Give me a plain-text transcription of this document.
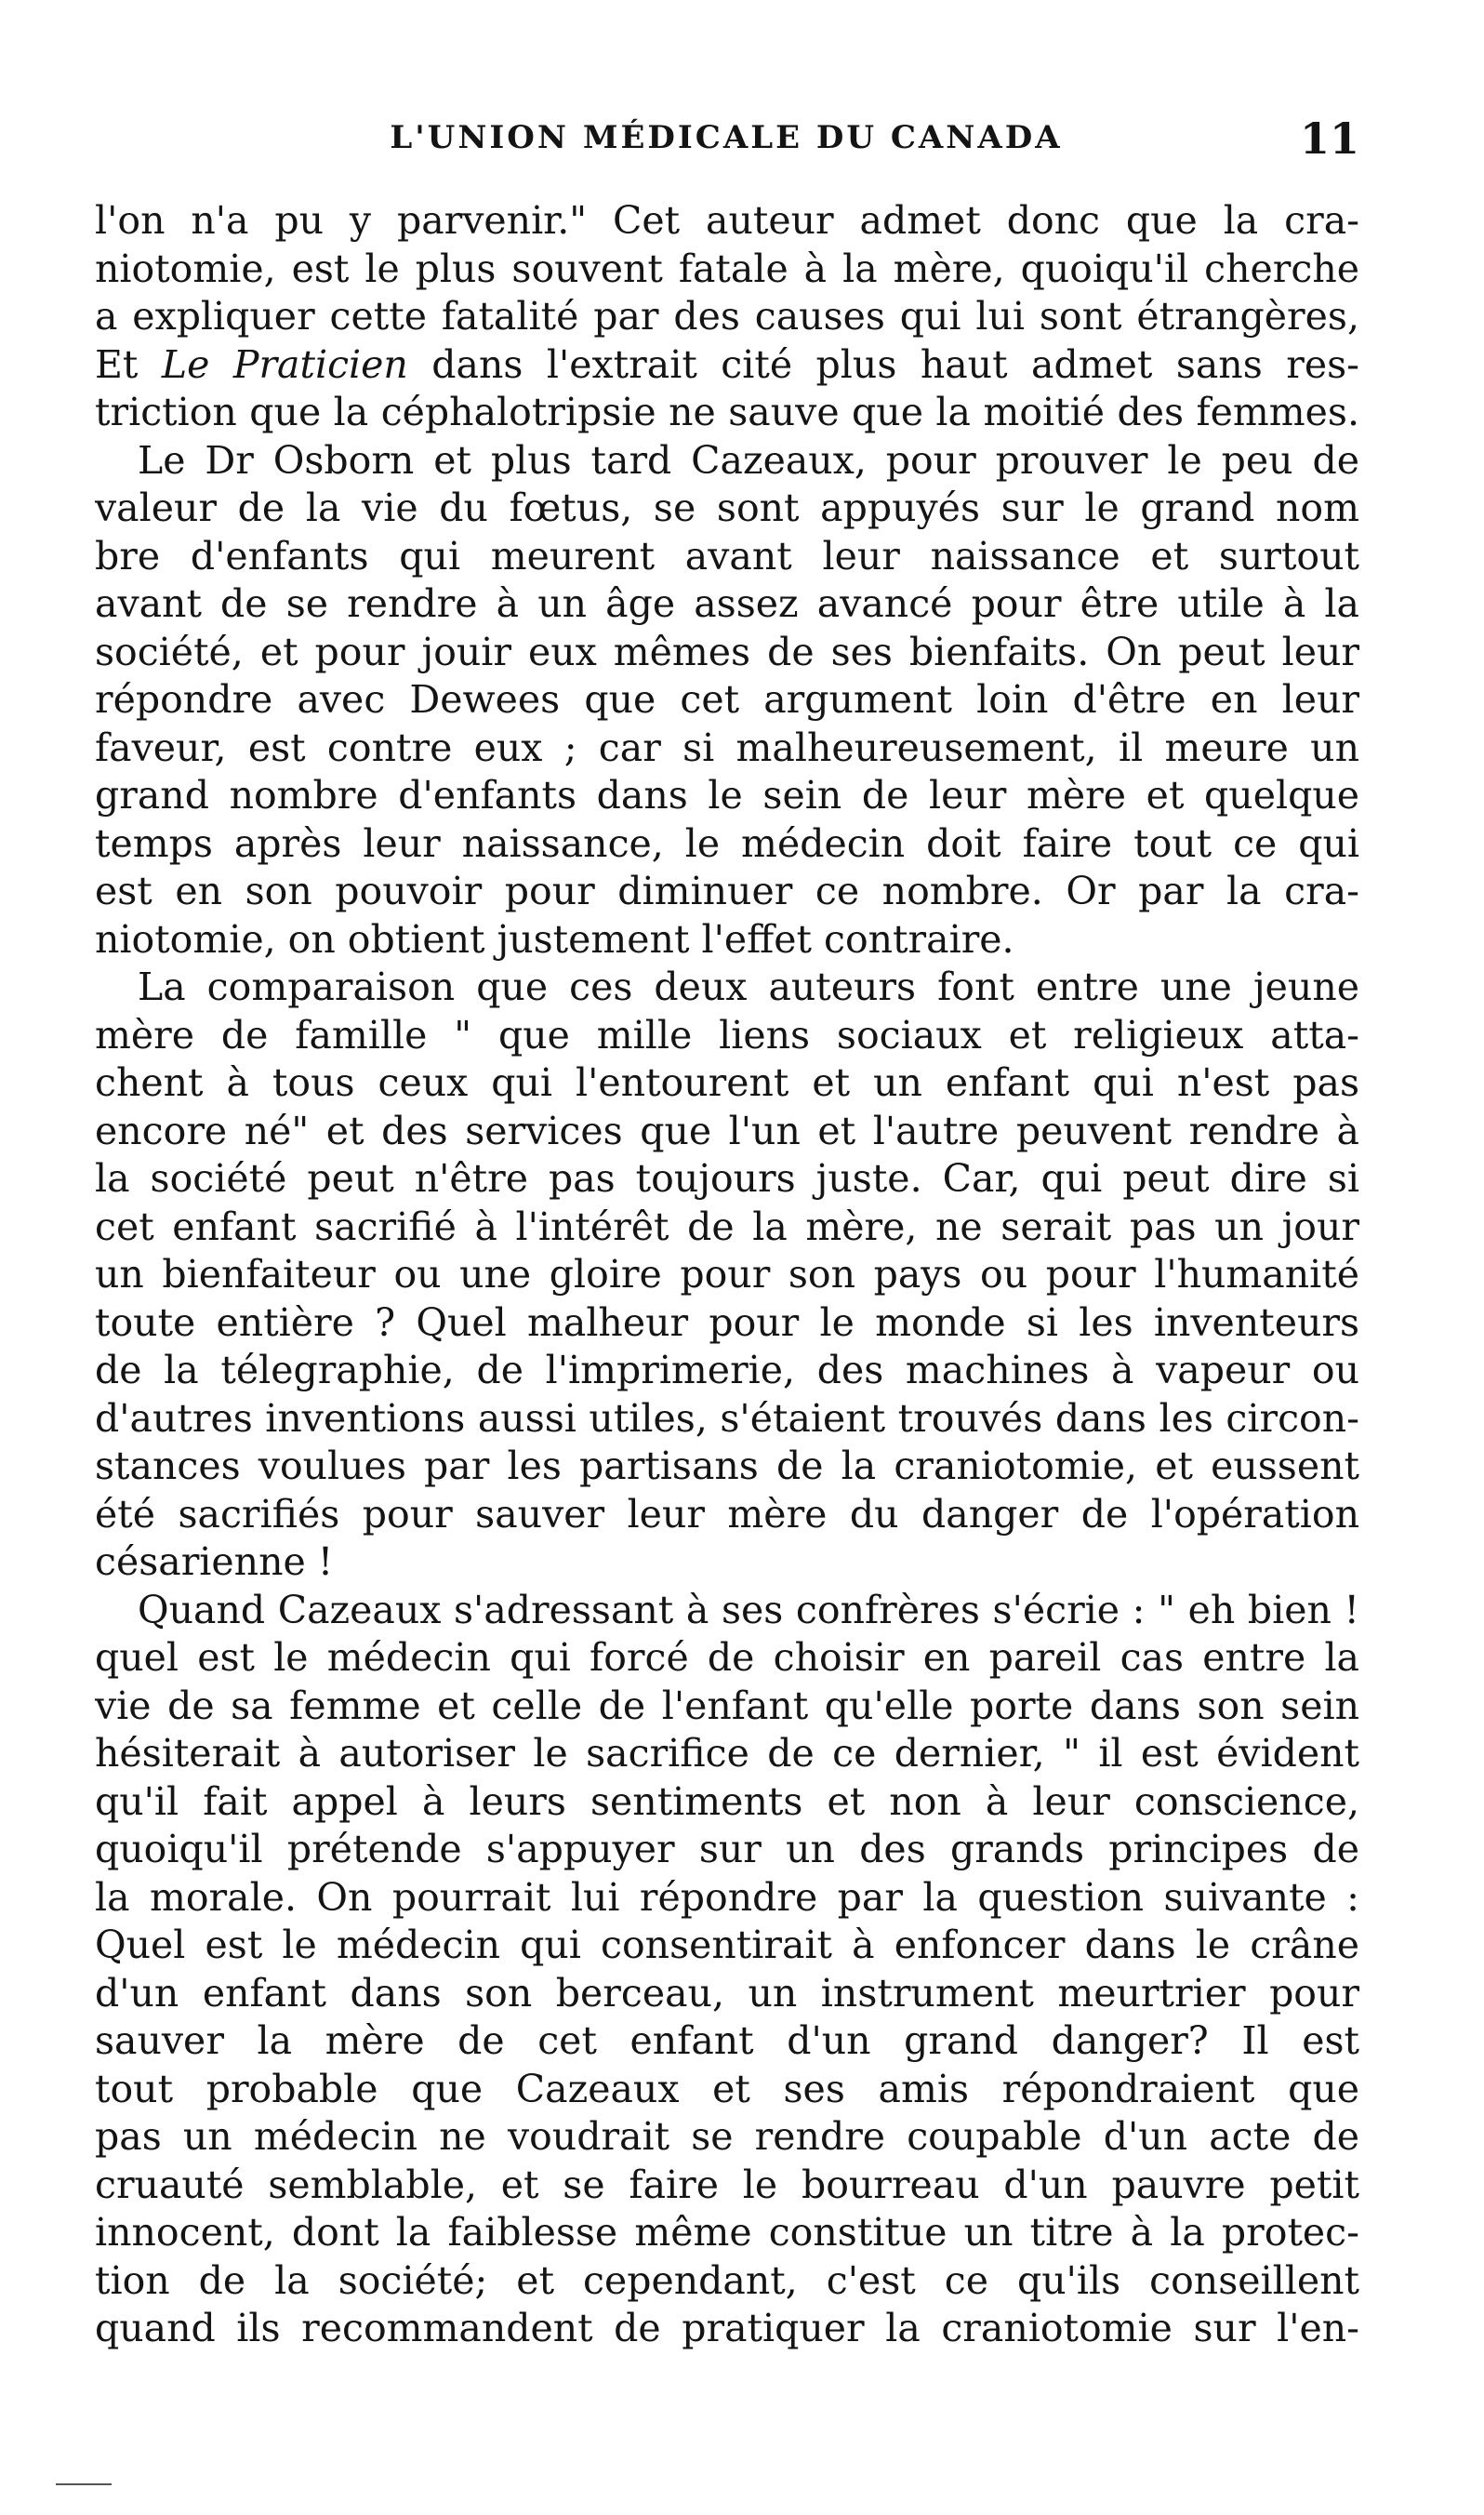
L'UNION MÉDICALE DU CANADA	11
l'on n'a pu y parvenir." Cet auteur admet donc que la cra-
niotomie, est le plus souvent fatale à la mère, quoiqu'il cherche
a expliquer cette fatalité par des causes qui lui sont étrangères,
Et Le Praticien dans l'extrait cité plus haut admet sans res-
triction que la céphalotripsie ne sauve que la moitié des femmes.
Le Dr Osborn et plus tard Cazeaux, pour prouver le peu de
valeur de la vie du fœtus, se sont appuyés sur le grand nom
bre d'enfants qui meurent avant leur naissance et surtout
avant de se rendre à un âge assez avancé pour être utile à la
société, et pour jouir eux mêmes de ses bienfaits. On peut leur
répondre avec Dewees que cet argument loin d'être en leur
faveur, est contre eux ; car si malheureusement, il meure un
grand nombre d'enfants dans le sein de leur mère et quelque
temps après leur naissance, le médecin doit faire tout ce qui
est en son pouvoir pour diminuer ce nombre. Or par la cra-
niotomie, on obtient justement l'effet contraire.
La comparaison que ces deux auteurs font entre une jeune
mère de famille " que mille liens sociaux et religieux atta-
chent à tous ceux qui l'entourent et un enfant qui n'est pas
encore né" et des services que l'un et l'autre peuvent rendre à
la société peut n'être pas toujours juste. Car, qui peut dire si
cet enfant sacrifié à l'intérêt de la mère, ne serait pas un jour
un bienfaiteur ou une gloire pour son pays ou pour l'humanité
toute entière ? Quel malheur pour le monde si les inventeurs
de la télegraphie, de l'imprimerie, des machines à vapeur ou
d'autres inventions aussi utiles, s'étaient trouvés dans les circon-
stances voulues par les partisans de la craniotomie, et eussent
été sacrifiés pour sauver leur mère du danger de l'opération
césarienne !
Quand Cazeaux s'adressant à ses confrères s'écrie : " eh bien !
quel est le médecin qui forcé de choisir en pareil cas entre la
vie de sa femme et celle de l'enfant qu'elle porte dans son sein
hésiterait à autoriser le sacrifice de ce dernier, " il est évident
qu'il fait appel à leurs sentiments et non à leur conscience,
quoiqu'il prétende s'appuyer sur un des grands principes de
la morale. On pourrait lui répondre par la question suivante :
Quel est le médecin qui consentirait à enfoncer dans le crâne
d'un enfant dans son berceau, un instrument meurtrier pour
sauver la mère de cet enfant d'un grand danger? Il est
tout probable que Cazeaux et ses amis répondraient que
pas un médecin ne voudrait se rendre coupable d'un acte de
cruauté semblable, et se faire le bourreau d'un pauvre petit
innocent, dont la faiblesse même constitue un titre à la protec-
tion de la société; et cependant, c'est ce qu'ils conseillent
quand ils recommandent de pratiquer la craniotomie sur l'en-
